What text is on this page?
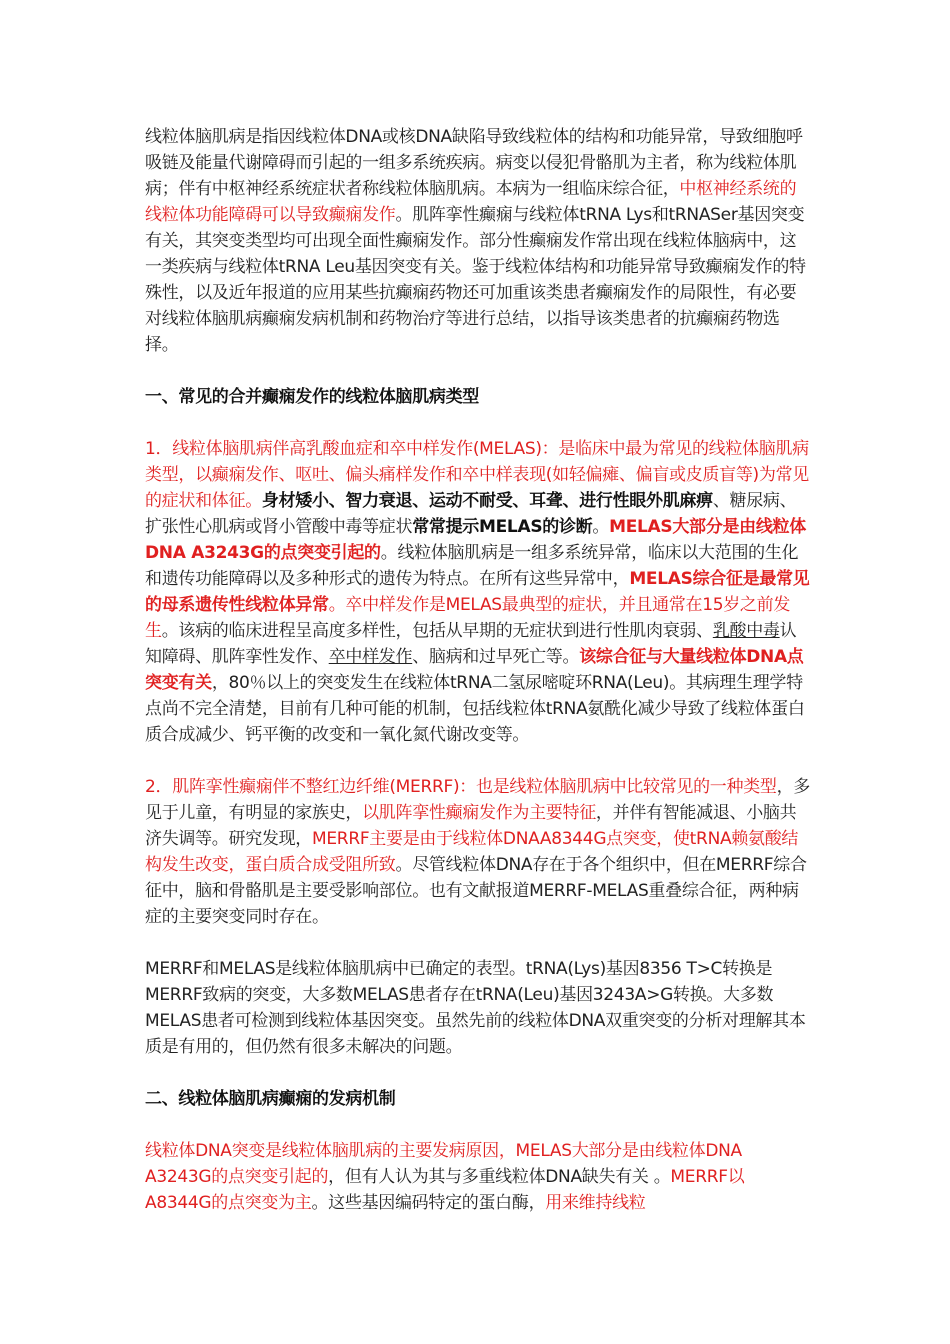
线粒体脑肌病是指因线粒体DNA或核DNA缺陷导致线粒体的结构和功能异常，导致细胞呼吸链及能量代谢障碍而引起的一组多系统疾病。病变以侵犯骨骼肌为主者，称为线粒体肌病；伴有中枢神经系统症状者称线粒体脑肌病。本病为一组临床综合征，中枢神经系统的线粒体功能障碍可以导致癫痫发作。肌阵挛性癫痫与线粒体tRNA Lys和tRNASer基因突变有关，其突变类型均可出现全面性癫痫发作。部分性癫痫发作常出现在线粒体脑病中，这一类疾病与线粒体tRNA Leu基因突变有关。鉴于线粒体结构和功能异常导致癫痫发作的特殊性，以及近年报道的应用某些抗癫痫药物还可加重该类患者癫痫发作的局限性，有必要对线粒体脑肌病癫痫发病机制和药物治疗等进行总结，以指导该类患者的抗癫痫药物选择。

一、常见的合并癫痫发作的线粒体脑肌病类型

1．线粒体脑肌病伴高乳酸血症和卒中样发作(MELAS)：是临床中最为常见的线粒体脑肌病类型，以癫痫发作、呕吐、偏头痛样发作和卒中样表现(如轻偏瘫、偏盲或皮质盲等)为常见的症状和体征。身材矮小、智力衰退、运动不耐受、耳聋、进行性眼外肌麻痹、糖尿病、扩张性心肌病或肾小管酸中毒等症状常常提示MELAS的诊断。MELAS大部分是由线粒体DNA A3243G的点突变引起的。线粒体脑肌病是一组多系统异常，临床以大范围的生化和遗传功能障碍以及多种形式的遗传为特点。在所有这些异常中，MELAS综合征是最常见的母系遗传性线粒体异常。卒中样发作是MELAS最典型的症状，并且通常在15岁之前发生。该病的临床进程呈高度多样性，包括从早期的无症状到进行性肌肉衰弱、乳酸中毒认知障碍、肌阵挛性发作、卒中样发作、脑病和过早死亡等。该综合征与大量线粒体DNA点突变有关，80％以上的突变发生在线粒体tRNA二氢尿嘧啶环RNA(Leu)。其病理生理学特点尚不完全清楚，目前有几种可能的机制，包括线粒体tRNA氨酰化减少导致了线粒体蛋白质合成减少、钙平衡的改变和一氧化氮代谢改变等。

2．肌阵挛性癫痫伴不整红边纤维(MERRF)：也是线粒体脑肌病中比较常见的一种类型，多见于儿童，有明显的家族史，以肌阵挛性癫痫发作为主要特征，并伴有智能减退、小脑共济失调等。研究发现，MERRF主要是由于线粒体DNAA8344G点突变，使tRNA赖氨酸结构发生改变，蛋白质合成受阻所致。尽管线粒体DNA存在于各个组织中，但在MERRF综合征中，脑和骨骼肌是主要受影响部位。也有文献报道MERRF-MELAS重叠综合征，两种病症的主要突变同时存在。

MERRF和MELAS是线粒体脑肌病中已确定的表型。tRNA(Lys)基因8356 T>C转换是MERRF致病的突变，大多数MELAS患者存在tRNA(Leu)基因3243A>G转换。大多数MELAS患者可检测到线粒体基因突变。虽然先前的线粒体DNA双重突变的分析对理解其本质是有用的，但仍然有很多未解决的问题。

二、线粒体脑肌病癫痫的发病机制

线粒体DNA突变是线粒体脑肌病的主要发病原因，MELAS大部分是由线粒体DNA A3243G的点突变引起的，但有人认为其与多重线粒体DNA缺失有关 。MERRF以A8344G的点突变为主。这些基因编码特定的蛋白酶，用来维持线粒
